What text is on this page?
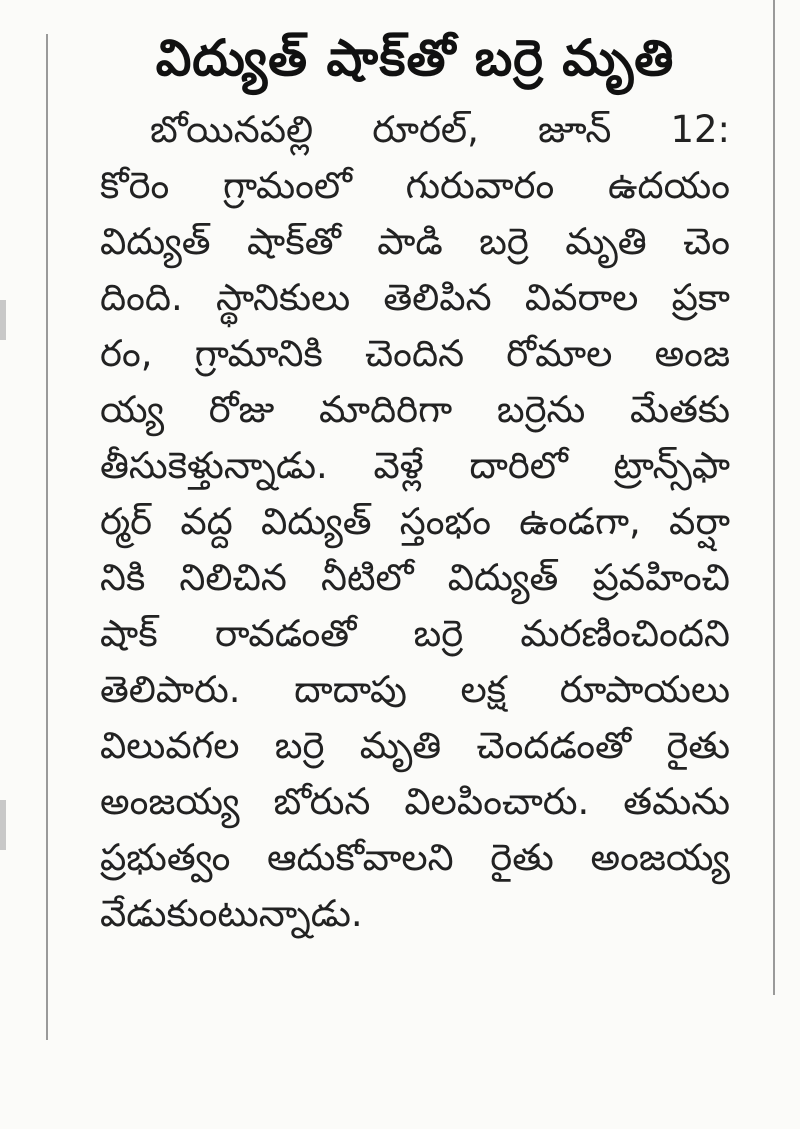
విద్యుత్ షాక్‌తో బర్రె మృతి
బోయినపల్లి రూరల్, జూన్ 12:
కోరెం గ్రామంలో గురువారం ఉదయం
విద్యుత్ షాక్‌తో పాడి బర్రె మృతి చెం
దింది. స్థానికులు తెలిపిన వివరాల ప్రకా
రం, గ్రామానికి చెందిన రోమాల అంజ
య్య రోజు మాదిరిగా బర్రెను మేతకు
తీసుకెళ్తున్నాడు. వెళ్లే దారిలో ట్రాన్స్‌ఫా
ర్మర్ వద్ద విద్యుత్ స్తంభం ఉండగా, వర్షా
నికి నిలిచిన నీటిలో విద్యుత్ ప్రవహించి
షాక్ రావడంతో బర్రె మరణించిందని
తెలిపారు. దాదాపు లక్ష రూపాయలు
విలువగల బర్రె మృతి చెందడంతో రైతు
అంజయ్య బోరున విలపించారు. తమను
ప్రభుత్వం ఆదుకోవాలని రైతు అంజయ్య
వేడుకుంటున్నాడు.
